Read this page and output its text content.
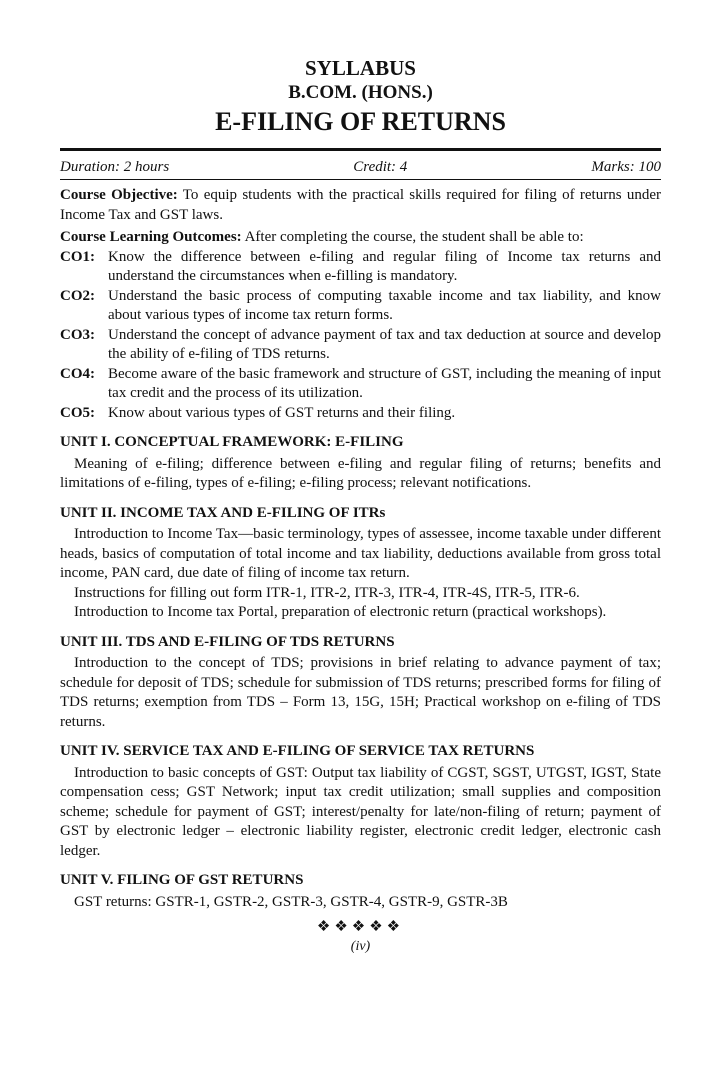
SYLLABUS
B.COM. (HONS.)
E-FILING OF RETURNS
Duration: 2 hours	Credit: 4	Marks: 100

Course Objective: To equip students with the practical skills required for filing of returns under Income Tax and GST laws.

Course Learning Outcomes: After completing the course, the student shall be able to:

CO1: Know the difference between e-filing and regular filing of Income tax returns and understand the circumstances when e-filling is mandatory.
CO2: Understand the basic process of computing taxable income and tax liability, and know about various types of income tax return forms.
CO3: Understand the concept of advance payment of tax and tax deduction at source and develop the ability of e-filing of TDS returns.
CO4: Become aware of the basic framework and structure of GST, including the meaning of input tax credit and the process of its utilization.
CO5: Know about various types of GST returns and their filing.
UNIT I. CONCEPTUAL FRAMEWORK: E-FILING

Meaning of e-filing; difference between e-filing and regular filing of returns; benefits and limitations of e-filing, types of e-filing; e-filing process; relevant notifications.

UNIT II. INCOME TAX AND E-FILING OF ITRs

Introduction to Income Tax—basic terminology, types of assessee, income taxable under different heads, basics of computation of total income and tax liability, deductions available from gross total income, PAN card, due date of filing of income tax return.

Instructions for filling out form ITR-1, ITR-2, ITR-3, ITR-4, ITR-4S, ITR-5, ITR-6.

Introduction to Income tax Portal, preparation of electronic return (practical workshops).

UNIT III. TDS AND E-FILING OF TDS RETURNS

Introduction to the concept of TDS; provisions in brief relating to advance payment of tax; schedule for deposit of TDS; schedule for submission of TDS returns; prescribed forms for filing of TDS returns; exemption from TDS – Form 13, 15G, 15H; Practical workshop on e-filing of TDS returns.

UNIT IV. SERVICE TAX AND E-FILING OF SERVICE TAX RETURNS

Introduction to basic concepts of GST: Output tax liability of CGST, SGST, UTGST, IGST, State compensation cess; GST Network; input tax credit utilization; small supplies and composition scheme; schedule for payment of GST; interest/penalty for late/non-filing of return; payment of GST by electronic ledger – electronic liability register, electronic credit ledger, electronic cash ledger.

UNIT V. FILING OF GST RETURNS

GST returns: GSTR-1, GSTR-2, GSTR-3, GSTR-4, GSTR-9, GSTR-3B

❖❖❖❖❖
(iv)
